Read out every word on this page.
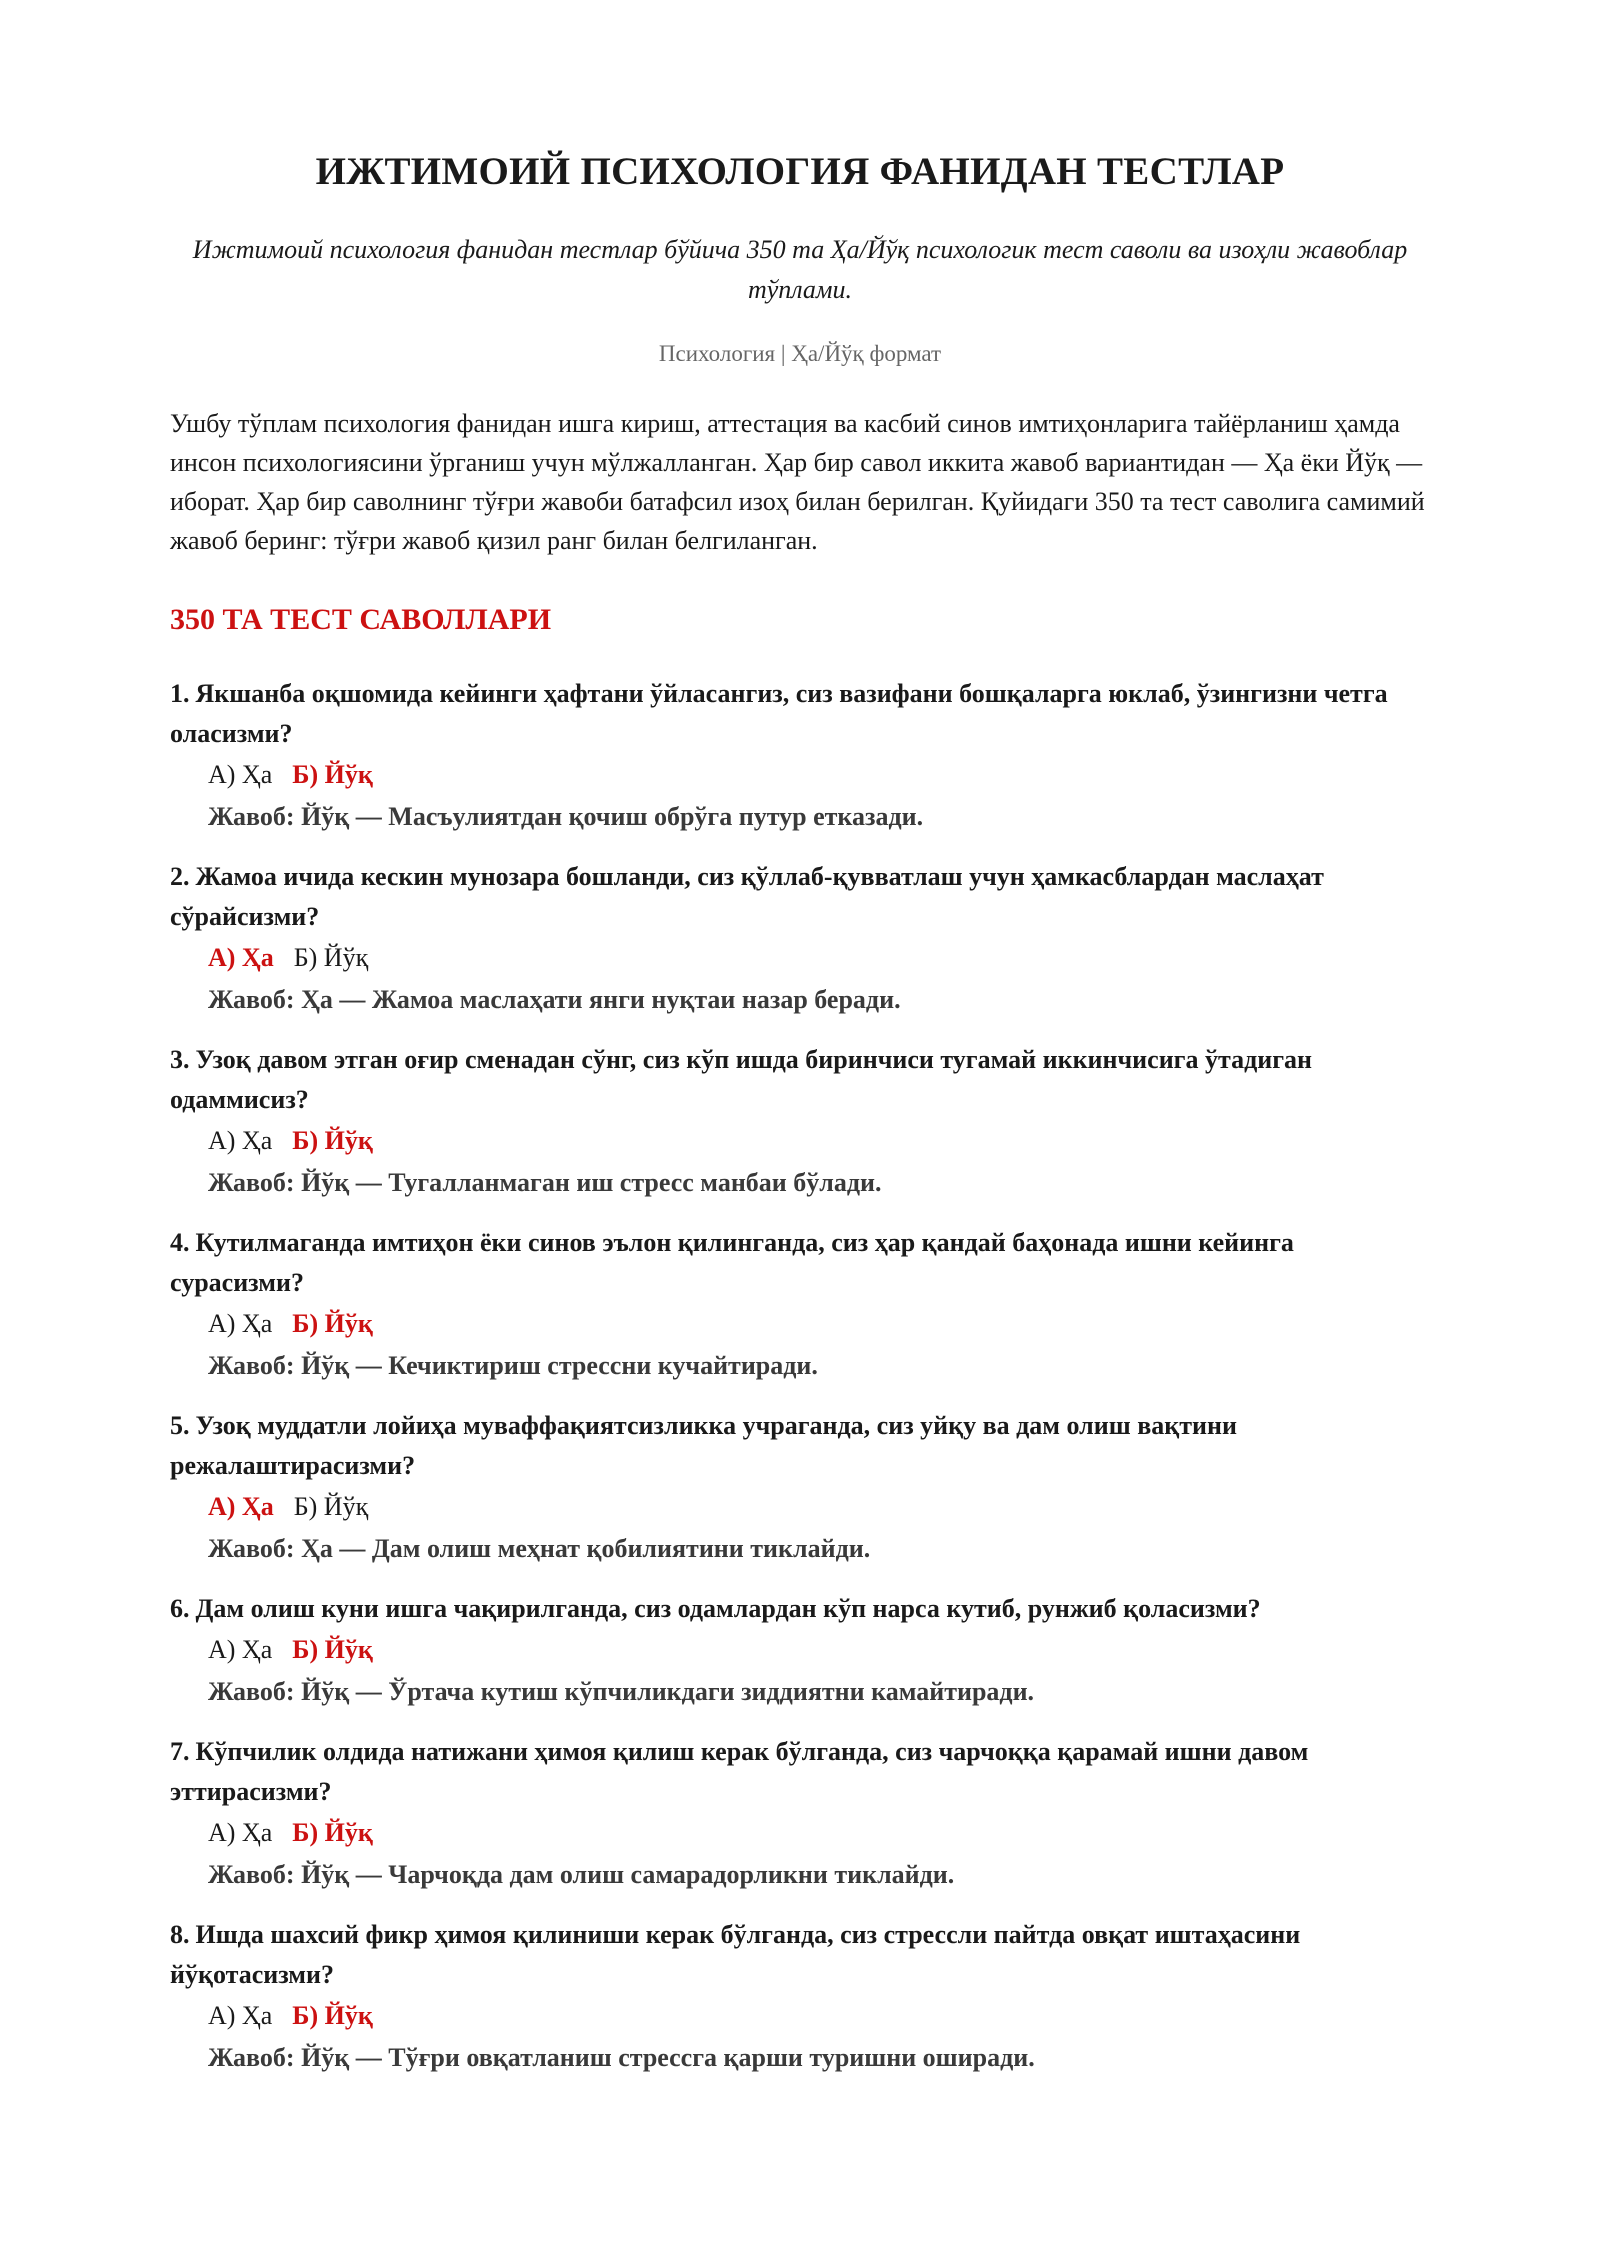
ИЖТИМОИЙ ПСИХОЛОГИЯ ФАНИДАН ТЕСТЛАР
Ижтимоий психология фанидан тестлар бўйича 350 та Ҳа/Йўқ психологик тест саволи ва изоҳли жавоблар тўплами.
Психология | Ҳа/Йўқ формат
Ушбу тўплам психология фанидан ишга кириш, аттестация ва касбий синов имтиҳонларига тайёрланиш ҳамда инсон психологиясини ўрганиш учун мўлжалланган. Ҳар бир савол иккита жавоб вариантидан — Ҳа ёки Йўқ — иборат. Ҳар бир саволнинг тўғри жавоби батафсил изоҳ билан берилган. Қуйидаги 350 та тест саволига самимий жавоб беринг: тўғри жавоб қизил ранг билан белгиланган.
350 ТА ТЕСТ САВОЛЛАРИ
1. Якшанба оқшомида кейинги ҳафтани ўйласангиз, сиз вазифани бошқаларга юклаб, ўзингизни четга оласизми?
А) Ҳа Б) Йўқ
Жавоб: Йўқ — Масъулиятдан қочиш обрўга путур етказади.
2. Жамоа ичида кескин мунозара бошланди, сиз қўллаб-қувватлаш учун ҳамкасблардан маслаҳат сўрайсизми?
А) Ҳа Б) Йўқ
Жавоб: Ҳа — Жамоа маслаҳати янги нуқтаи назар беради.
3. Узоқ давом этган оғир сменадан сўнг, сиз кўп ишда биринчиси тугамай иккинчисига ўтадиган одаммисиз?
А) Ҳа Б) Йўқ
Жавоб: Йўқ — Тугалланмаган иш стресс манбаи бўлади.
4. Кутилмаганда имтиҳон ёки синов эълон қилинганда, сиз ҳар қандай баҳонада ишни кейинга сурасизми?
А) Ҳа Б) Йўқ
Жавоб: Йўқ — Кечиктириш стрессни кучайтиради.
5. Узоқ муддатли лойиҳа муваффақиятсизликка учраганда, сиз уйқу ва дам олиш вақтини режалаштирасизми?
А) Ҳа Б) Йўқ
Жавоб: Ҳа — Дам олиш меҳнат қобилиятини тиклайди.
6. Дам олиш куни ишга чақирилганда, сиз одамлардан кўп нарса кутиб, рунжиб қоласизми?
А) Ҳа Б) Йўқ
Жавоб: Йўқ — Ўртача кутиш кўпчиликдаги зиддиятни камайтиради.
7. Кўпчилик олдида натижани ҳимоя қилиш керак бўлганда, сиз чарчоққа қарамай ишни давом эттирасизми?
А) Ҳа Б) Йўқ
Жавоб: Йўқ — Чарчоқда дам олиш самарадорликни тиклайди.
8. Ишда шахсий фикр ҳимоя қилиниши керак бўлганда, сиз стрессли пайтда овқат иштаҳасини йўқотасизми?
А) Ҳа Б) Йўқ
Жавоб: Йўқ — Тўғри овқатланиш стрессга қарши туришни оширади.
